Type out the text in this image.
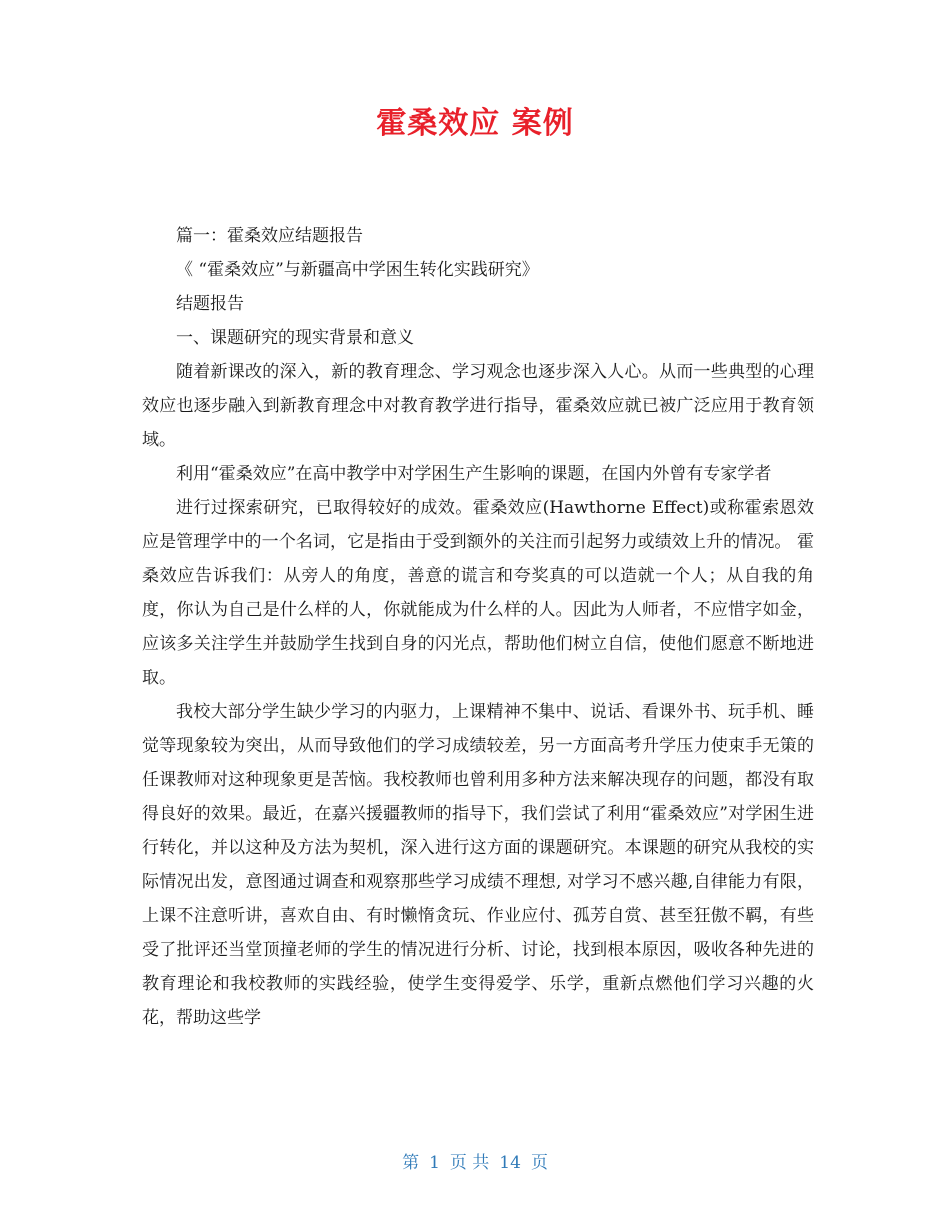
霍桑效应 案例

篇一：霍桑效应结题报告

《 “霍桑效应”与新疆高中学困生转化实践研究》

结题报告

一、课题研究的现实背景和意义

随着新课改的深入，新的教育理念、学习观念也逐步深入人心。从而一些典型的心理效应也逐步融入到新教育理念中对教育教学进行指导，霍桑效应就已被广泛应用于教育领域。

利用“霍桑效应”在高中教学中对学困生产生影响的课题，在国内外曾有专家学者

进行过探索研究，已取得较好的成效。霍桑效应(Hawthorne Effect)或称霍索恩效应是管理学中的一个名词，它是指由于受到额外的关注而引起努力或绩效上升的情况。 霍桑效应告诉我们：从旁人的角度，善意的谎言和夸奖真的可以造就一个人；从自我的角度，你认为自己是什么样的人，你就能成为什么样的人。因此为人师者，不应惜字如金，应该多关注学生并鼓励学生找到自身的闪光点，帮助他们树立自信，使他们愿意不断地进取。

我校大部分学生缺少学习的内驱力，上课精神不集中、说话、看课外书、玩手机、睡觉等现象较为突出，从而导致他们的学习成绩较差，另一方面高考升学压力使束手无策的任课教师对这种现象更是苦恼。我校教师也曾利用多种方法来解决现存的问题，都没有取得良好的效果。最近，在嘉兴援疆教师的指导下，我们尝试了利用“霍桑效应”对学困生进行转化，并以这种及方法为契机，深入进行这方面的课题研究。本课题的研究从我校的实际情况出发，意图通过调查和观察那些学习成绩不理想, 对学习不感兴趣,自律能力有限，上课不注意听讲，喜欢自由、有时懒惰贪玩、作业应付、孤芳自赏、甚至狂傲不羁，有些受了批评还当堂顶撞老师的学生的情况进行分析、讨论，找到根本原因，吸收各种先进的教育理论和我校教师的实践经验，使学生变得爱学、乐学，重新点燃他们学习兴趣的火花，帮助这些学

第 1 页 共 14 页
